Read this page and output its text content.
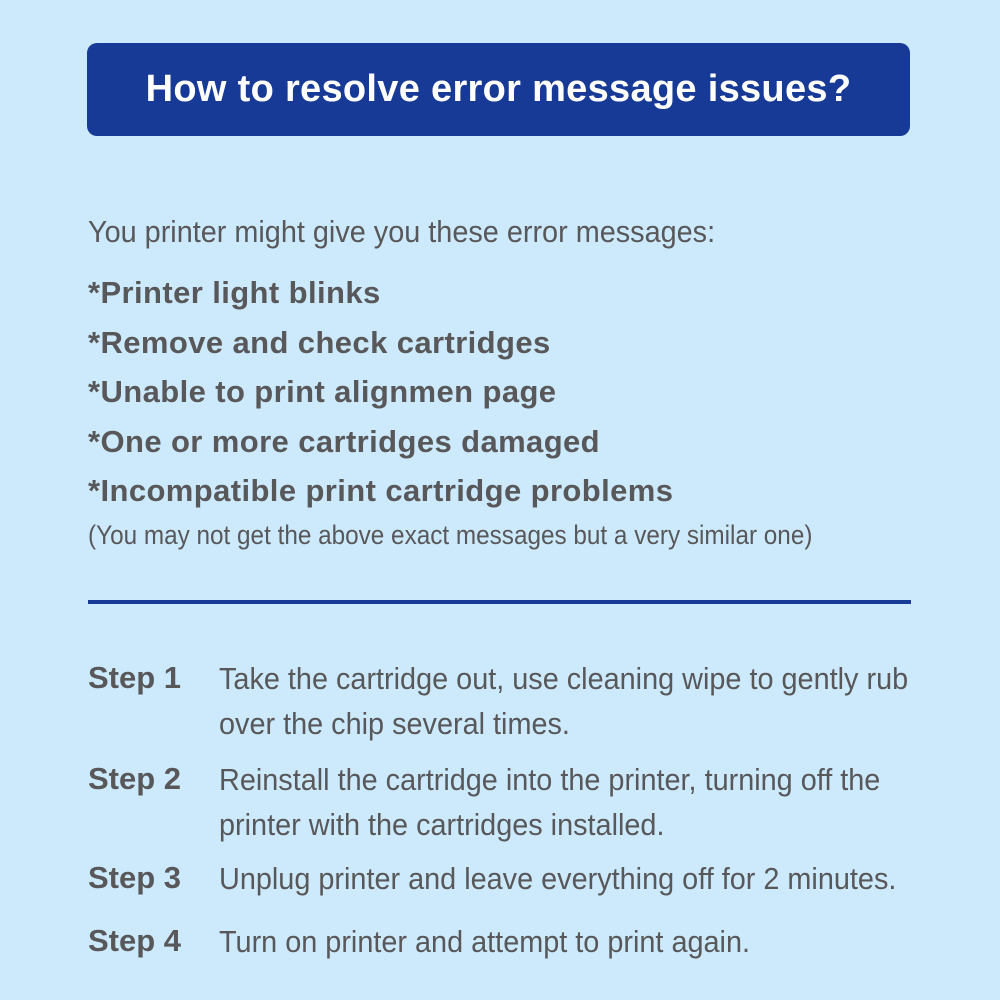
How to resolve error message issues?
You printer might give you these error messages:
*Printer light blinks
*Remove and check cartridges
*Unable to print alignmen page
*One or more cartridges damaged
*Incompatible print cartridge problems
(You may not get the above exact messages but a very similar one)
Step 1 Take the cartridge out, use cleaning wipe to gently rub
over the chip several times.
Step 2 Reinstall the cartridge into the printer, turning off the
printer with the cartridges installed.
Step 3 Unplug printer and leave everything off for 2 minutes.
Step 4 Turn on printer and attempt to print again.
